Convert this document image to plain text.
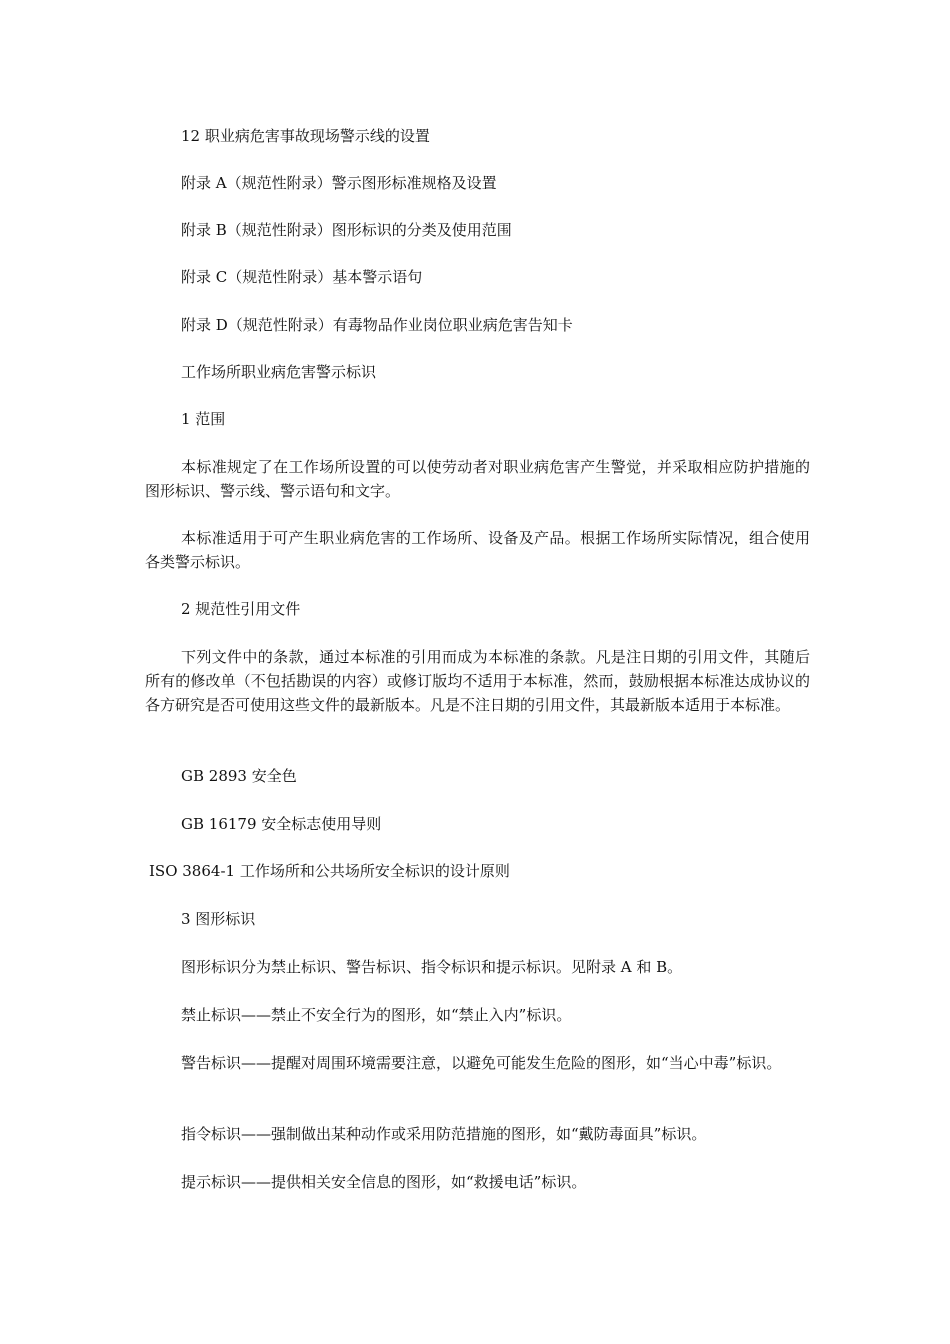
12 职业病危害事故现场警示线的设置
附录 A（规范性附录）警示图形标准规格及设置
附录 B（规范性附录）图形标识的分类及使用范围
附录 C（规范性附录）基本警示语句
附录 D（规范性附录）有毒物品作业岗位职业病危害告知卡
工作场所职业病危害警示标识
1 范围
本标准规定了在工作场所设置的可以使劳动者对职业病危害产生警觉，并采取相应防护措施的图形标识、警示线、警示语句和文字。
本标准适用于可产生职业病危害的工作场所、设备及产品。根据工作场所实际情况，组合使用各类警示标识。
2 规范性引用文件
下列文件中的条款，通过本标准的引用而成为本标准的条款。凡是注日期的引用文件，其随后所有的修改单（不包括勘误的内容）或修订版均不适用于本标准，然而，鼓励根据本标准达成协议的各方研究是否可使用这些文件的最新版本。凡是不注日期的引用文件，其最新版本适用于本标准。
GB 2893 安全色
GB 16179 安全标志使用导则
ISO 3864-1 工作场所和公共场所安全标识的设计原则
3 图形标识
图形标识分为禁止标识、警告标识、指令标识和提示标识。见附录 A 和 B。
禁止标识——禁止不安全行为的图形，如“禁止入内”标识。
警告标识——提醒对周围环境需要注意，以避免可能发生危险的图形，如“当心中毒”标识。
指令标识——强制做出某种动作或采用防范措施的图形，如“戴防毒面具”标识。
提示标识——提供相关安全信息的图形，如“救援电话”标识。
